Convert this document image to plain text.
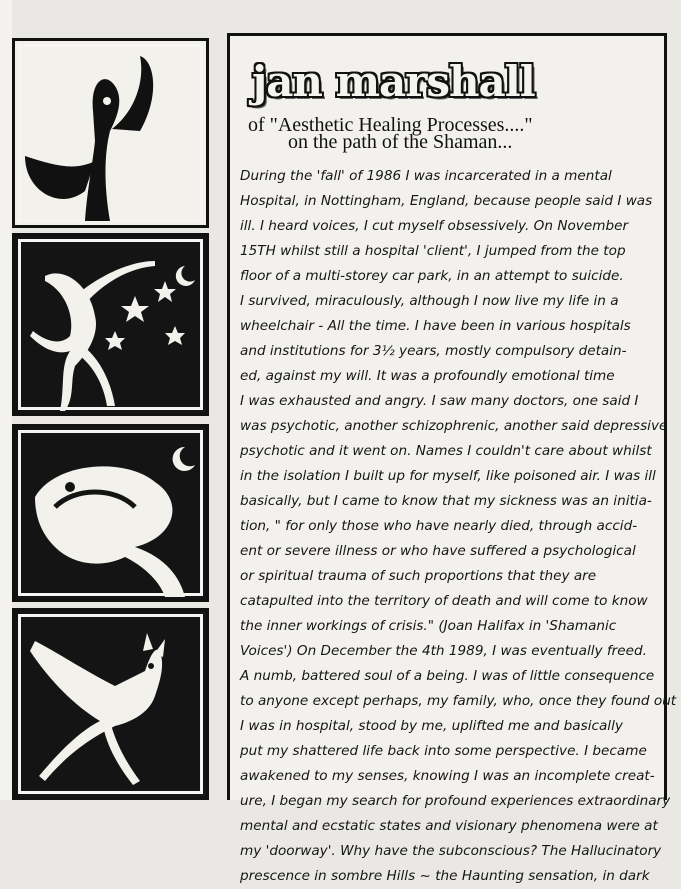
jan marshall
of "Aesthetic Healing Processes...."
on the path of the Shaman...
During the 'fall' of 1986 I was incarcerated in a mental
Hospital, in Nottingham, England, because people said I was
ill. I heard voices, I cut myself obsessively. On November
15TH whilst still a hospital 'client', I jumped from the top
floor of a multi-storey car park, in an attempt to suicide.
I survived, miraculously, although I now live my life in a
wheelchair - All the time. I have been in various hospitals
and institutions for 3½ years, mostly compulsory detain-
ed, against my will. It was a profoundly emotional time
I was exhausted and angry. I saw many doctors, one said I
was psychotic, another schizophrenic, another said depressive
psychotic and it went on. Names I couldn't care about whilst
in the isolation I built up for myself, like poisoned air. I was ill
basically, but I came to know that my sickness was an initia-
tion, " for only those who have nearly died, through accid-
ent or severe illness or who have suffered a psychological
or spiritual trauma of such proportions that they are
catapulted into the territory of death and will come to know
the inner workings of crisis." (Joan Halifax in 'Shamanic
Voices') On December the 4th 1989, I was eventually freed.
A numb, battered soul of a being. I was of little consequence
to anyone except perhaps, my family, who, once they found out
I was in hospital, stood by me, uplifted me and basically
put my shattered life back into some perspective. I became
awakened to my senses, knowing I was an incomplete creat-
ure, I began my search for profound experiences extraordinary
mental and ecstatic states and visionary phenomena were at
my 'doorway'. Why have the subconscious? The Hallucinatory
prescence in sombre Hills ~ the Haunting sensation, in dark
